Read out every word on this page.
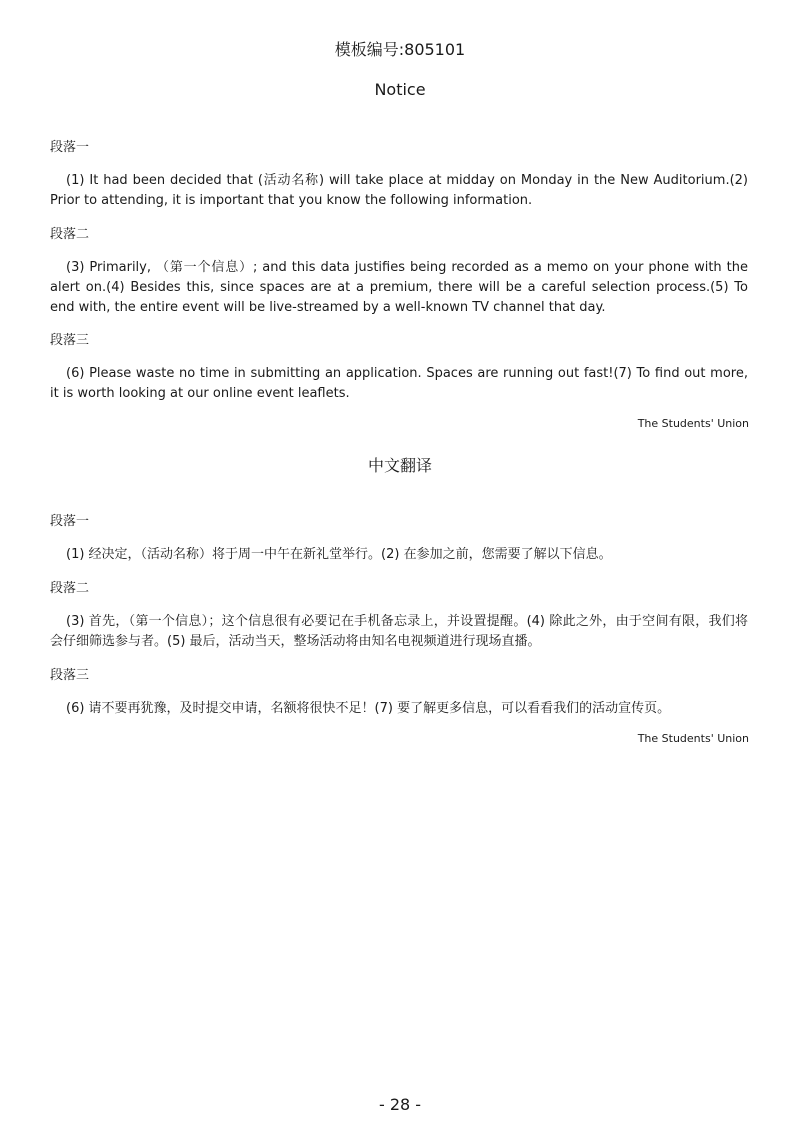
模板编号:805101
Notice
段落一
(1) It had been decided that (活动名称) will take place at midday on Monday in the New Auditorium.(2) Prior to attending, it is important that you know the following information.
段落二
(3) Primarily, （第一个信息）; and this data justifies being recorded as a memo on your phone with the alert on.(4) Besides this, since spaces are at a premium, there will be a careful selection process.(5) To end with, the entire event will be live-streamed by a well-known TV channel that day.
段落三
(6) Please waste no time in submitting an application. Spaces are running out fast!(7) To find out more, it is worth looking at our online event leaflets.
The Students' Union
中文翻译
段落一
(1) 经决定，（活动名称）将于周一中午在新礼堂举行。(2) 在参加之前，您需要了解以下信息。
段落二
(3) 首先，（第一个信息）；这个信息很有必要记在手机备忘录上，并设置提醒。(4) 除此之外，由于空间有限，我们将会仔细筛选参与者。(5) 最后，活动当天，整场活动将由知名电视频道进行现场直播。
段落三
(6) 请不要再犹豫，及时提交申请，名额将很快不足！(7) 要了解更多信息，可以看看我们的活动宣传页。
The Students' Union
- 28 -
